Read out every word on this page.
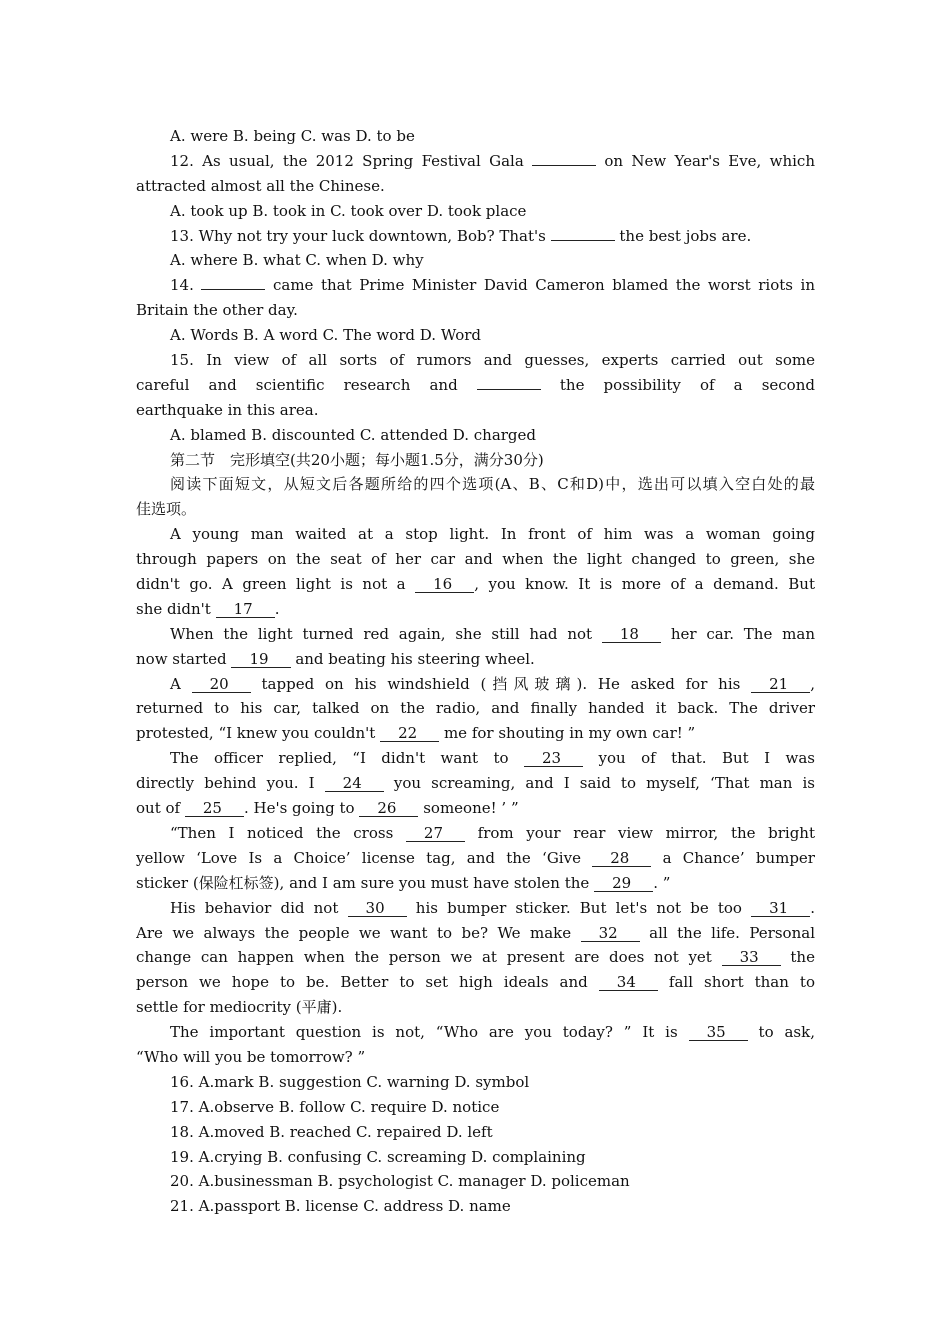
A. were B. being C. was D. to be
12. As usual, the 2012 Spring Festival Gala	on New Year's Eve, which
attracted almost all the Chinese.
A. took up B. took in C. took over D. took place
13. Why not try your luck downtown, Bob? That's	the best jobs are.
A. where B. what C. when D. why
14.	came that Prime Minister David Cameron blamed the worst riots in
Britain the other day.
A. Words B. A word C. The word D. Word
15. In view of all sorts of rumors and guesses, experts carried out some
careful and scientific research and	the possibility of a second
earthquake in this area.
A. blamed B. discounted C. attended D. charged
第二节　完形填空(共20小题；每小题1.5分，满分30分)
阅读下面短文，从短文后各题所给的四个选项(A、B、C和D)中，选出可以填入空白处的最
佳选项。
A young man waited at a stop light. In front of him was a woman going
through papers on the seat of her car and when the light changed to green, she
didn't go. A green light is not a 16 , you know. It is more of a demand. But
she didn't 17 .
When the light turned red again, she still had not 18 her car. The man
now started 19 and beating his steering wheel.
A 20 tapped on his windshield (挡风玻璃). He asked for his 21 ,
returned to his car, talked on the radio, and finally handed it back. The driver
protested, “I knew you couldn't 22 me for shouting in my own car! ”
The officer replied, “I didn't want to 23 you of that. But I was
directly behind you. I 24 you screaming, and I said to myself, ‘That man is
out of 25 . He's going to 26 someone! ’ ”
“Then I noticed the cross 27 from your rear view mirror, the bright
yellow ‘Love Is a Choice’ license tag, and the ‘Give 28 a Chance’ bumper
sticker (保险杠标签), and I am sure you must have stolen the 29 . ”
His behavior did not 30 his bumper sticker. But let's not be too 31 .
Are we always the people we want to be? We make 32 all the life. Personal
change can happen when the person we at present are does not yet 33 the
person we hope to be. Better to set high ideals and 34 fall short than to
settle for mediocrity (平庸).
The important question is not, “Who are you today? ” It is 35 to ask,
“Who will you be tomorrow? ”
16. A.mark B. suggestion C. warning D. symbol
17. A.observe B. follow C. require D. notice
18. A.moved B. reached C. repaired D. left
19. A.crying B. confusing C. screaming D. complaining
20. A.businessman B. psychologist C. manager D. policeman
21. A.passport B. license C. address D. name
